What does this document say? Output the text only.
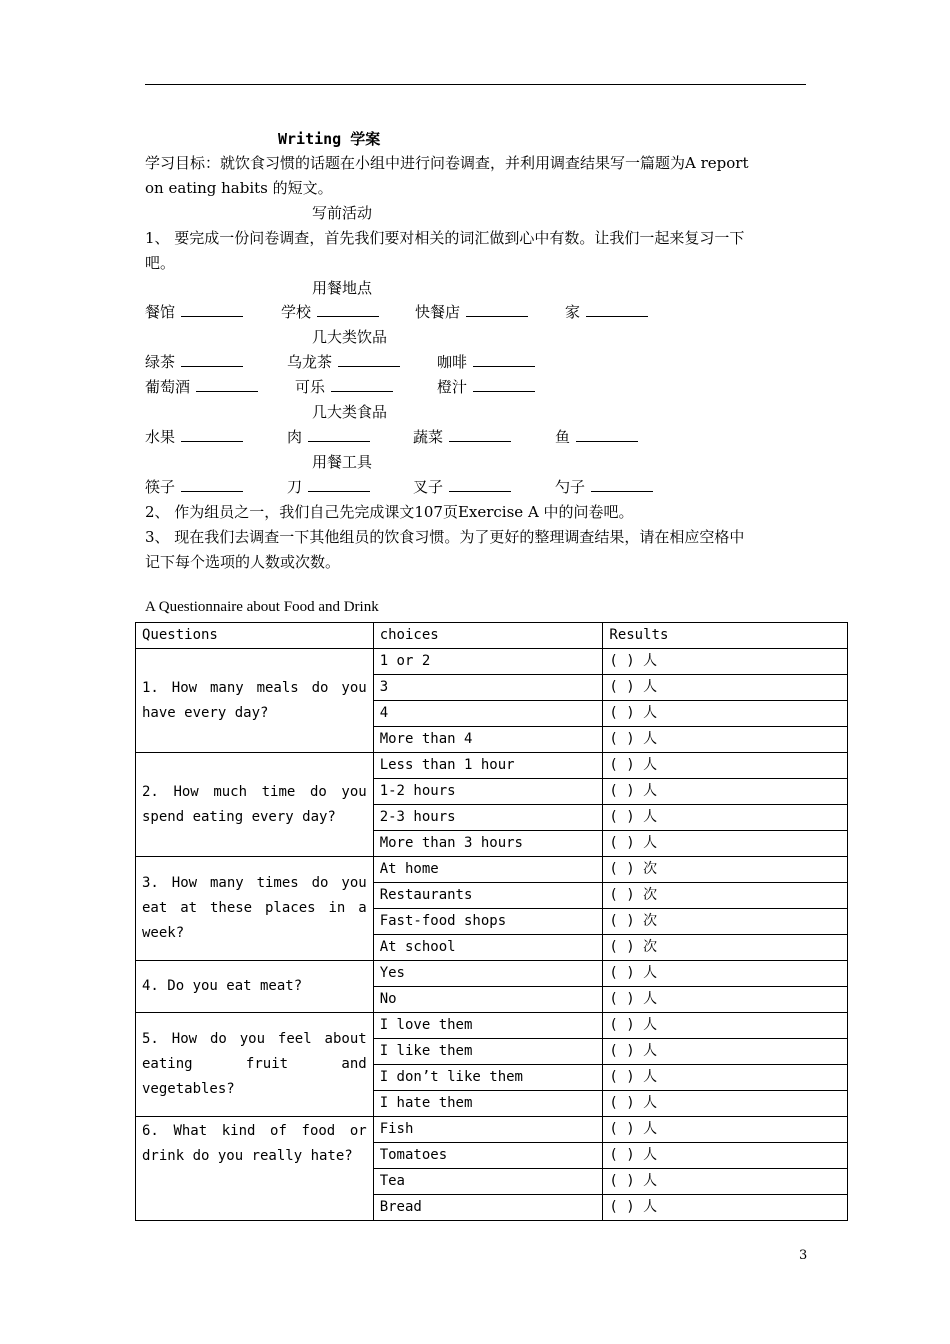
Writing 学案
学习目标：就饮食习惯的话题在小组中进行问卷调查，并利用调查结果写一篇题为A report
on eating habits 的短文。
写前活动
1、 要完成一份问卷调查，首先我们要对相关的词汇做到心中有数。让我们一起来复习一下
吧。
用餐地点
餐馆	学校	快餐店	家
几大类饮品
绿茶	乌龙茶	咖啡
葡萄酒	可乐	橙汁
几大类食品
水果	肉	蔬菜	鱼
用餐工具
筷子	刀	叉子	勺子
2、 作为组员之一，我们自己先完成课文107页Exercise A 中的问卷吧。
3、 现在我们去调查一下其他组员的饮食习惯。为了更好的整理调查结果，请在相应空格中
记下每个选项的人数或次数。
A Questionnaire about Food and Drink
Questions	choices	Results
1. How many meals do you have every day?	1 or 2	( ) 人
	3	( ) 人
	4	( ) 人
	More than 4	( ) 人
2. How much time do you spend eating every day?	Less than 1 hour	( ) 人
	1-2 hours	( ) 人
	2-3 hours	( ) 人
	More than 3 hours	( ) 人
3. How many times do you eat at these places in a week?	At home	( ) 次
	Restaurants	( ) 次
	Fast-food shops	( ) 次
	At school	( ) 次
4. Do you eat meat?	Yes	( ) 人
	No	( ) 人
5. How do you feel about eating fruit and vegetables?	I love them	( ) 人
	I like them	( ) 人
	I don’t like them	( ) 人
	I hate them	( ) 人
6. What kind of food or drink do you really hate?	Fish	( ) 人
	Tomatoes	( ) 人
	Tea	( ) 人
	Bread	( ) 人
3
